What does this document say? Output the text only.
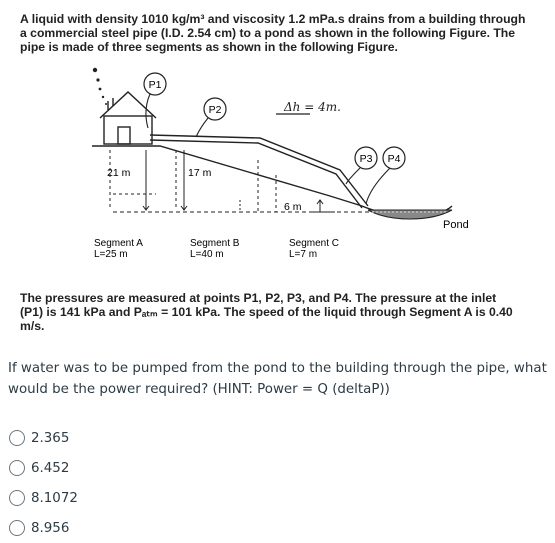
A liquid with density 1010 kg/m³ and viscosity 1.2 mPa.s drains from a building through
a commercial steel pipe (I.D. 2.54 cm) to a pond as shown in the following Figure. The
pipe is made of three segments as shown in the following Figure.
P1
P2
P3 P4
Δh = 4m.
21 m	17 m
6 m
Pond
Segment A
L=25 m
Segment B
L=40 m
Segment C
L=7 m
The pressures are measured at points P1, P2, P3, and P4. The pressure at the inlet
(P1) is 141 kPa and Pₐₜₘ = 101 kPa. The speed of the liquid through Segment A is 0.40
m/s.
If water was to be pumped from the pond to the building through the pipe, what
would be the power required? (HINT: Power = Q (deltaP))
2.365
6.452
8.1072
8.956
